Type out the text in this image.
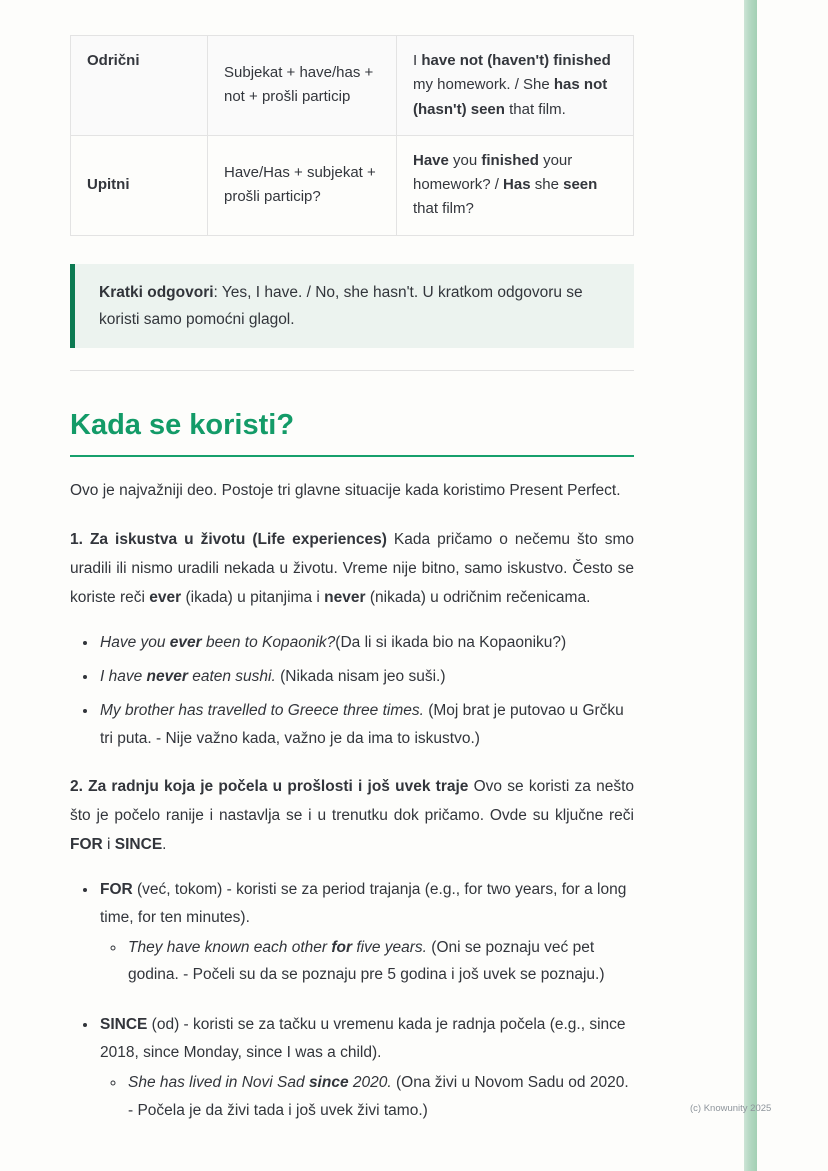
Odrični	Subjekat + have/has + not + prošli particip	I have not (haven't) finished my homework. / She has not (hasn't) seen that film.
Upitni	Have/Has + subjekat + prošli particip?	Have you finished your homework? / Has she seen that film?
Kratki odgovori: Yes, I have. / No, she hasn't. U kratkom odgovoru se koristi samo pomoćni glagol.
Kada se koristi?

Ovo je najvažniji deo. Postoje tri glavne situacije kada koristimo Present Perfect.

1. Za iskustva u životu (Life experiences) Kada pričamo o nečemu što smo uradili ili nismo uradili nekada u životu. Vreme nije bitno, samo iskustvo. Često se koriste reči ever (ikada) u pitanjima i never (nikada) u odričnim rečenicama.

• Have you ever been to Kopaonik?(Da li si ikada bio na Kopaoniku?)
• I have never eaten sushi. (Nikada nisam jeo suši.)
• My brother has travelled to Greece three times. (Moj brat je putovao u Grčku tri puta. - Nije važno kada, važno je da ima to iskustvo.)

2. Za radnju koja je počela u prošlosti i još uvek traje Ovo se koristi za nešto što je počelo ranije i nastavlja se i u trenutku dok pričamo. Ovde su ključne reči FOR i SINCE.

• FOR (već, tokom) - koristi se za period trajanja (e.g., for two years, for a long time, for ten minutes).
◦ They have known each other for five years. (Oni se poznaju već pet godina. - Počeli su da se poznaju pre 5 godina i još uvek se poznaju.)
• SINCE (od) - koristi se za tačku u vremenu kada je radnja počela (e.g., since 2018, since Monday, since I was a child).
◦ She has lived in Novi Sad since 2020. (Ona živi u Novom Sadu od 2020. - Počela je da živi tada i još uvek živi tamo.)	(c) Knowunity 2025
